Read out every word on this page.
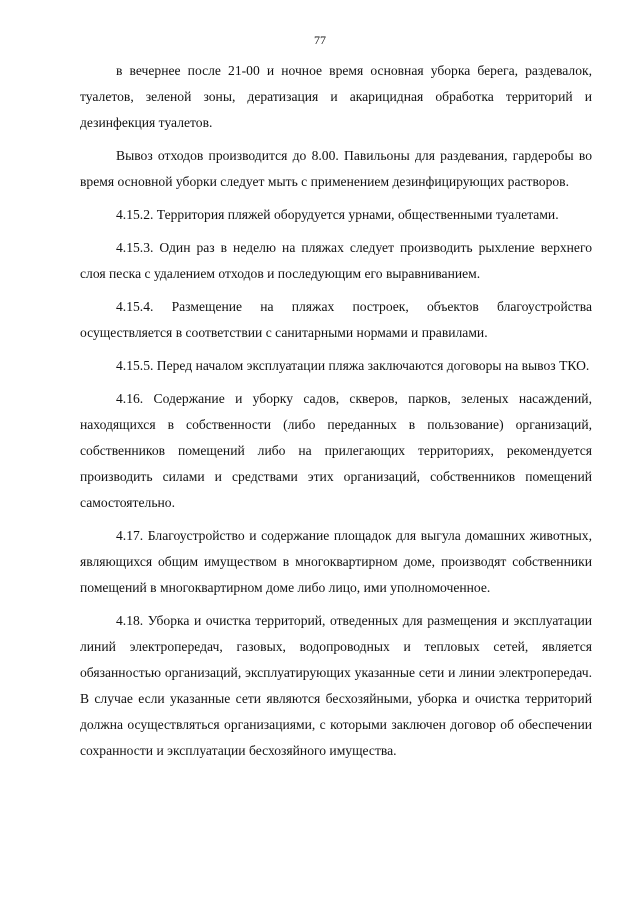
77

в вечернее после 21-00 и ночное время основная уборка берега, раздевалок, туалетов, зеленой зоны, дератизация и акарицидная обработка территорий и дезинфекция туалетов.

Вывоз отходов производится до 8.00. Павильоны для раздевания, гардеробы во время основной уборки следует мыть с применением дезинфицирующих растворов.

4.15.2. Территория пляжей оборудуется урнами, общественными туалетами.

4.15.3. Один раз в неделю на пляжах следует производить рыхление верхнего слоя песка с удалением отходов и последующим его выравниванием.

4.15.4. Размещение на пляжах построек, объектов благоустройства осуществляется в соответствии с санитарными нормами и правилами.

4.15.5. Перед началом эксплуатации пляжа заключаются договоры на вывоз ТКО.

4.16. Содержание и уборку садов, скверов, парков, зеленых насаждений, находящихся в собственности (либо переданных в пользование) организаций, собственников помещений либо на прилегающих территориях, рекомендуется производить силами и средствами этих организаций, собственников помещений самостоятельно.

4.17. Благоустройство и содержание площадок для выгула домашних животных, являющихся общим имуществом в многоквартирном доме, производят собственники помещений в многоквартирном доме либо лицо, ими уполномоченное.

4.18. Уборка и очистка территорий, отведенных для размещения и эксплуатации линий электропередач, газовых, водопроводных и тепловых сетей, является обязанностью организаций, эксплуатирующих указанные сети и линии электропередач. В случае если указанные сети являются бесхозяйными, уборка и очистка территорий должна осуществляться организациями, с которыми заключен договор об обеспечении сохранности и эксплуатации бесхозяйного имущества.
